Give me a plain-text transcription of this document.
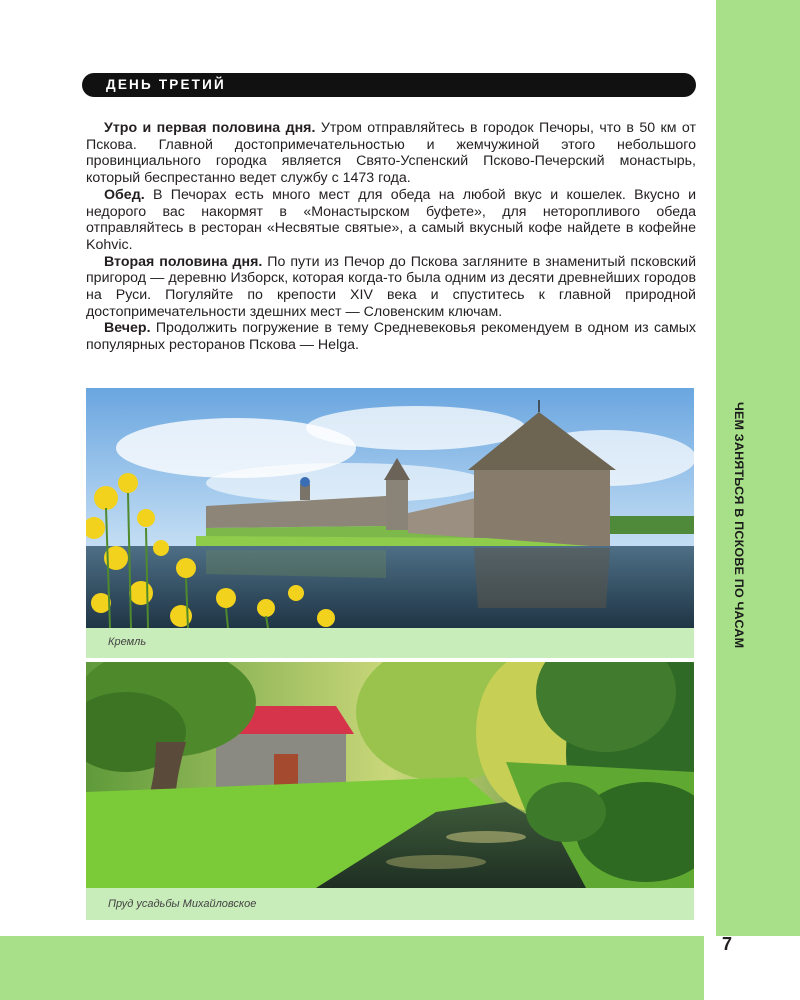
7
ЧЕМ ЗАНЯТЬСЯ В ПСКОВЕ ПО ЧАСАМ
ДЕНЬ ТРЕТИЙ

Утро и первая половина дня. Утром отправляйтесь в городок Печоры, что в 50 км от Пскова. Главной достопримечательностью и жемчужиной этого небольшого провинциального городка является Свято-Успенский Псково-Печерский монастырь, который беспрестанно ведет службу с 1473 года.

Обед. В Печорах есть много мест для обеда на любой вкус и кошелек. Вкусно и недорого вас накормят в «Монастырском буфете», для неторопливого обеда отправляйтесь в ресторан «Несвятые святые», а самый вкусный кофе найдете в кофейне Kohvic.

Вторая половина дня. По пути из Печор до Пскова загляните в знаменитый псковский пригород — деревню Изборск, которая когда-то была одним из десяти древнейших городов на Руси. Погуляйте по крепости XIV века и спуститесь к главной природной достопримечательности здешних мест — Словенским ключам.

Вечер. Продолжить погружение в тему Средневековья рекомендуем в одном из самых популярных ресторанов Пскова — Helga.

Кремль
Пруд усадьбы Михайловское
